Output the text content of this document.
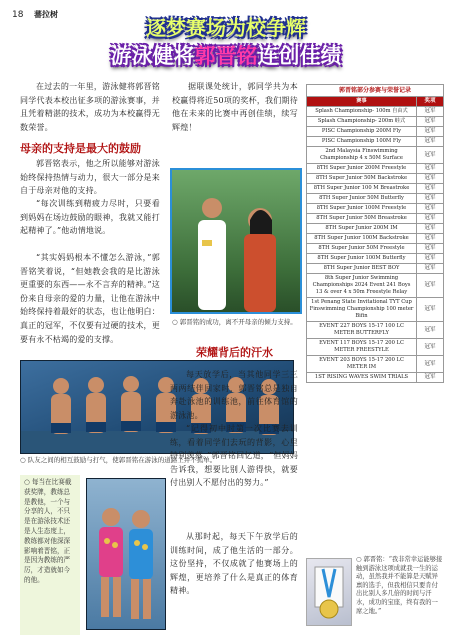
18 蕃拉树
逐梦赛场为校争辉
游泳健将郭晋铭连创佳绩
在过去的一年里，游泳健将郭晋铭同学代表本校出征多项的游泳赛事，并且凭着精湛的技术，成功为本校赢得无数荣誉。
母亲的支持是最大的鼓励
郭晋铭表示，他之所以能够对游泳始终保持热情与动力，很大一部分是来自于母亲对他的支持。
“每次训练到精疲力尽时，只要看到妈妈在场边鼓励的眼神，我就又能打起精神了。”他动情地说。
“其实妈妈根本不懂怎么游泳，”郭晋铭笑着说，“但她教会我的是比游泳更重要的东西——永不言弃的精神。”这份来自母亲的爱的力量，让他在游泳中始终保持着最好的状态，也让他明白：真正的冠军，不仅要有过硬的技术，更要有永不枯竭的爱的支撑。
○ 队友之间的相互鼓励与打气，使郭晋铭在游泳的道路上并不孤单。
○ 每当在比赛截获奖牌，教练总是教他，一个与分享的人，不只是在游泳技术还是人生态度上，教练都对他深深影响着晋铭，正是因为教练的严厉，才造就如今的他。
据联课处统计，郭同学共为本校赢得将近50项的奖杯，我们期待他在未来的比赛中再创佳绩，续写辉煌！
○ 郭晋铭的成功，离不开母亲的倾力支持。
荣耀背后的汗水
每天放学后，当其他同学三三两两结伴回家时，郭晋铭总是独自奔赴泳池的训练池，前往体育馆的游泳池。
“记得初中时第一次比赛去训练，看着同学们去玩的背影，心里特别羡慕。”郭晋铭回忆道，“但妈妈告诉我，想要比别人游得快，就要付出别人不愿付出的努力。”
从那时起，每天下午放学后的训练时间，成了他生活的一部分。这份坚持，不仅成就了他赛场上的辉煌，更培养了什么是真正的体育精神。
郭晋铭部分参赛与荣誉记录	
赛事	奖项
Splash Championship- 100m 自由式	冠军
Splash Championship- 200m 蛙式	冠军
PISC Championship 200M Fly	冠军
PISC Championship 100M Fly	冠军
2nd Malaysia Finswimming Championship 4 x 50M Surface	冠军
8TH Super Junior 200M Freestyle	冠军
8TH Super Junior 50M Backstroke	冠军
8TH Super Junior 100 M Breastroke	冠军
8TH Super Junior 50M Butterfly	冠军
8TH Super Junior 100M Freestyle	冠军
8TH Super Junior 50M Breastroke	冠军
8TH Super Junior 200M IM	冠军
8TH Super Junior 100M Backstroke	冠军
8TH Super Junior 50M Freestyle	冠军
8TH Super Junior 100M Butterfly	冠军
8TH Super Junior BEST BOY	冠军
8th Super Junior Swimming Championships 2024 Event 241 Boys 13 & over 4 x 50m Freestyle Relay	冠军
1st Penang State Invitational TYT Cup Finswimming Championship 100 meter Bifin	冠军
EVENT 227 BOYS 15-17 100 LC METER BUTTERFLY	冠军
EVENT 117 BOYS 15-17 200 LC METER FREESTYLE	冠军
EVENT 203 BOYS 15-17 200 LC METER IM	冠军
1ST RISING WAVES SWIM TRIALS	冠军
○ 郭晋铭：“我非常幸运能够接触到游泳这项成就我一生的运动，虽然我并不能算是天赋异禀的选手，但我相信只要肯付出比别人多几倍的时间与汗水，成功的宝座，终有我的一席之地。”
